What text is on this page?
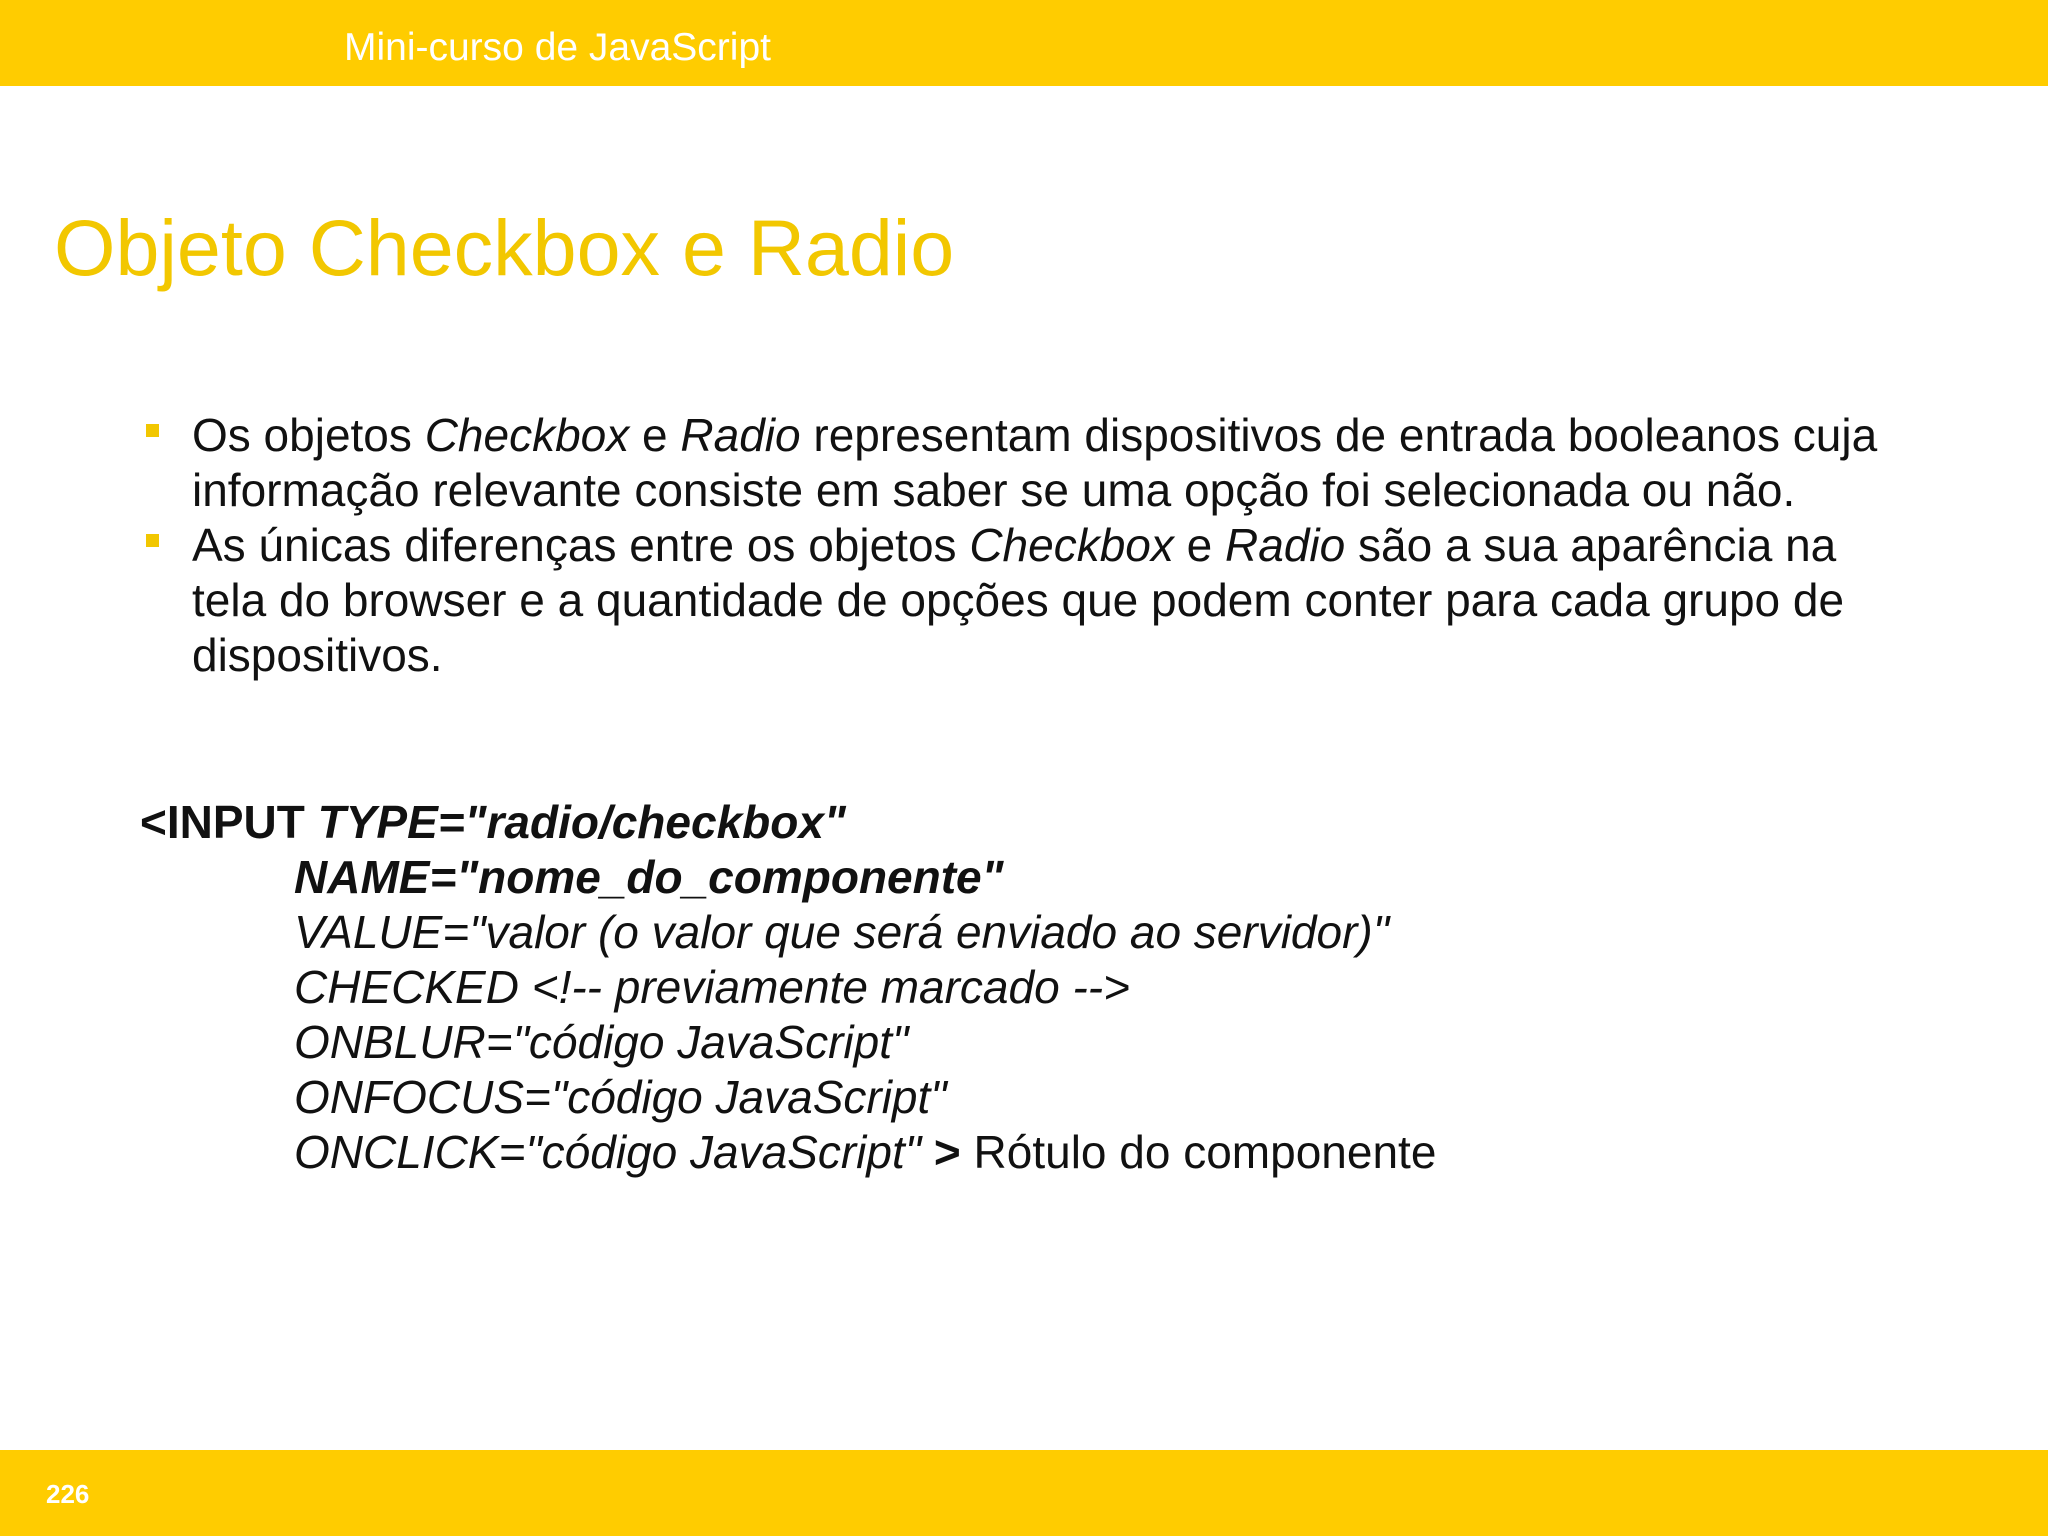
Mini-curso de JavaScript
Objeto Checkbox e Radio
Os objetos Checkbox e Radio representam dispositivos de entrada booleanos cuja informação relevante consiste em saber se uma opção foi selecionada ou não.
As únicas diferenças entre os objetos Checkbox e Radio são a sua aparência na tela do browser e a quantidade de opções que podem conter para cada grupo de dispositivos.
<INPUT TYPE="radio/checkbox"
NAME="nome_do_componente"
VALUE="valor (o valor que será enviado ao servidor)"
CHECKED <!-- previamente marcado -->
ONBLUR="código JavaScript"
ONFOCUS="código JavaScript"
ONCLICK="código JavaScript" > Rótulo do componente
226
